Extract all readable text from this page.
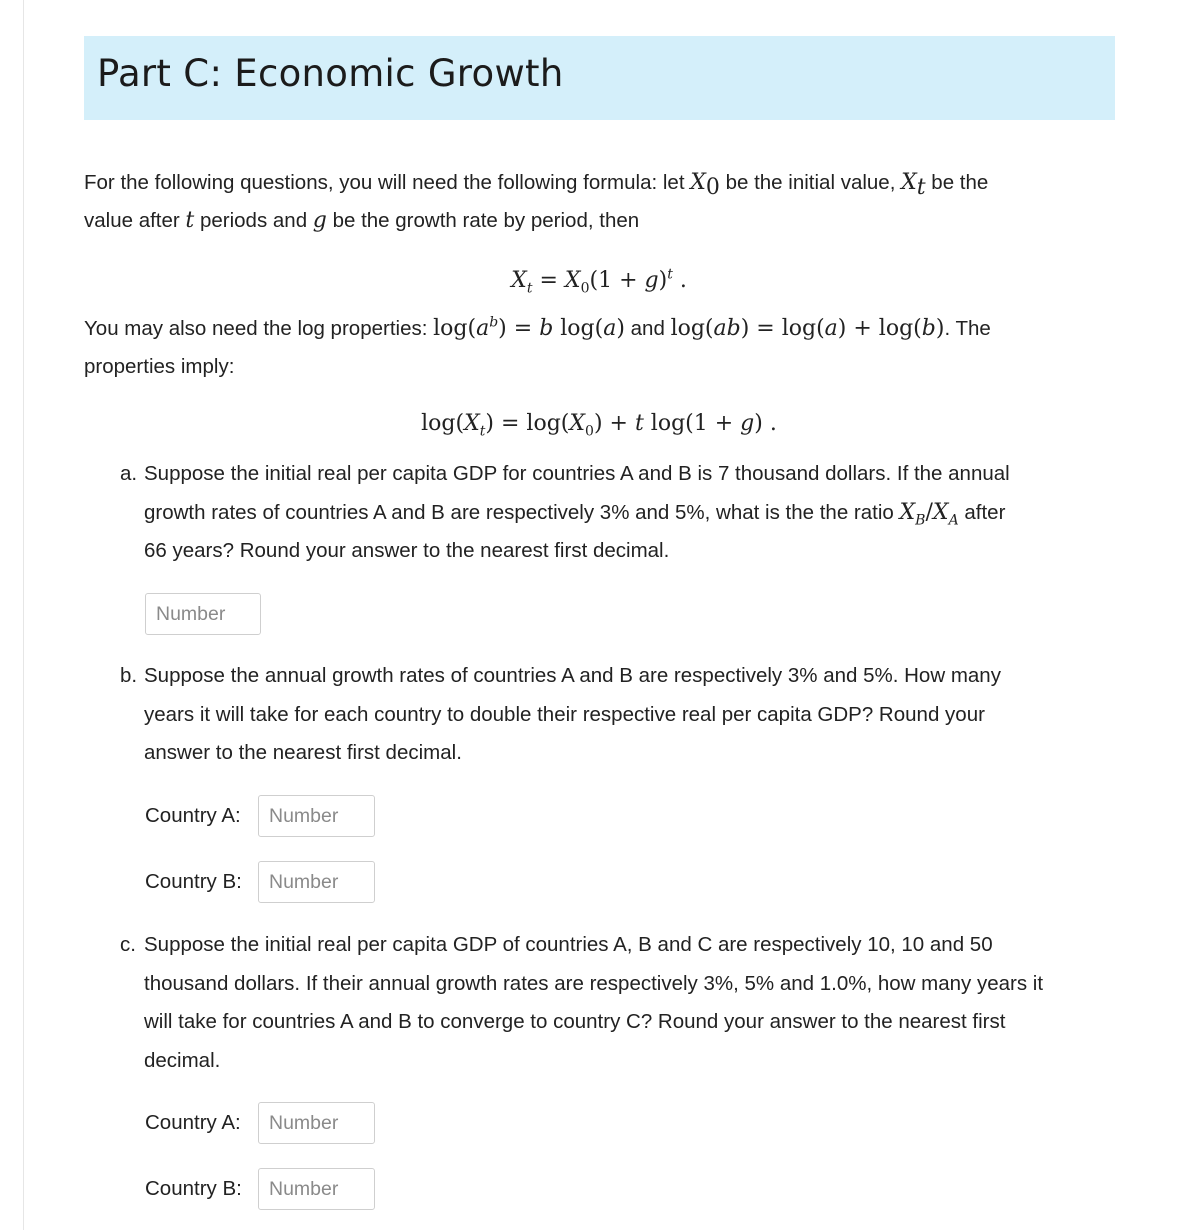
Part C: Economic Growth
For the following questions, you will need the following formula: let $X_0$ be the initial value, $X_t$ be the
value after t periods and g be the growth rate by period, then
$X_t = X_0(1 + g)^t$ .
You may also need the log properties: $\log(a^b) = b$ log(a) and log(ab) = log(a) + log(b). The
properties imply:
$\log(X_t) = \log(X_0) + t$ log(1 + g) .
a. Suppose the initial real per capita GDP for countries A and B is 7 thousand dollars. If the annual
growth rates of countries A and B are respectively 3% and 5%, what is the the ratio $X_B/X_A$ after
66 years? Round your answer to the nearest first decimal.
Number
b. Suppose the annual growth rates of countries A and B are respectively 3% and 5%. How many
years it will take for each country to double their respective real per capita GDP? Round your
answer to the nearest first decimal.
Country A:
Number
Country B:
Number
c. Suppose the initial real per capita GDP of countries A, B and C are respectively 10, 10 and 50
thousand dollars. If their annual growth rates are respectively 3%, 5% and 1.0%, how many years it
will take for countries A and B to converge to country C? Round your answer to the nearest first
decimal.
Country A:
Number
Country B:
Number
